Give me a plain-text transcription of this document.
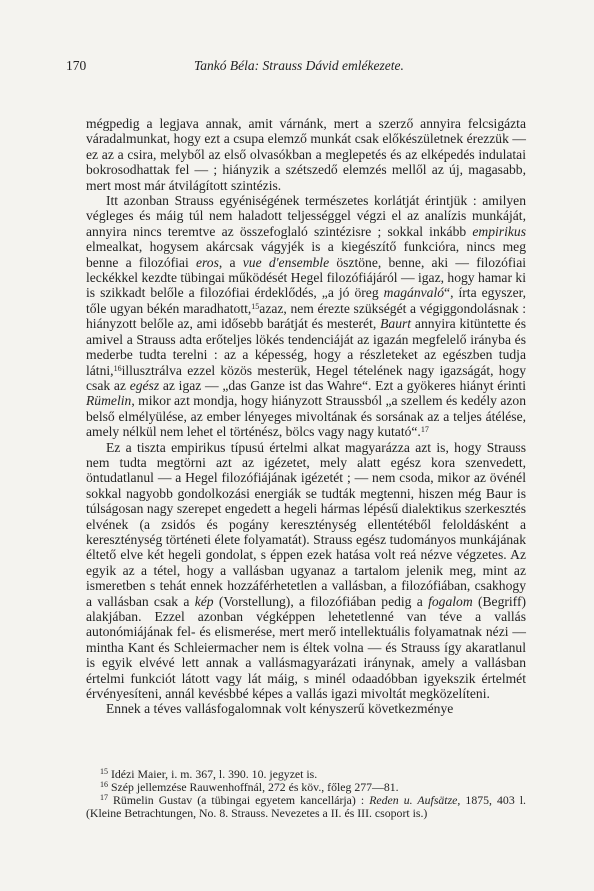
170	Tankó Béla: Strauss Dávid emlékezete.

mégpedig a legjava annak, amit várnánk, mert a szerző annyira felcsigázta váradalmunkat, hogy ezt a csupa elemző munkát csak előkészületnek érezzük — ez az a csira, melyből az első olvasókban a meglepetés és az elképedés indulatai bokrosodhattak fel — ; hiányzik a szétszedő elemzés mellől az új, magasabb, mert most már átvilágított szintézis.

Itt azonban Strauss egyéniségének természetes korlátját érintjük : amilyen végleges és máig túl nem haladott teljességgel végzi el az analízis munkáját, annyira nincs teremtve az összefoglaló szintézisre ; sokkal inkább empirikus elmealkat, hogysem akárcsak vágyjék is a kiegészítő funkcióra, nincs meg benne a filozófiai eros, a vue d'ensemble ösztöne, benne, aki — filozófiai leckékkel kezdte tübingai működését Hegel filozófiájáról — igaz, hogy hamar ki is szikkadt belőle a filozófiai érdeklődés, „a jó öreg magánvaló“, írta egyszer, tőle ugyan békén maradhatott,$^{15}$azaz, nem érezte szükségét a végiggondolásnak : hiányzott belőle az, ami idősebb barátját és mesterét, Baurt annyira kitüntette és amivel a Strauss adta erőteljes lökés tendenciáját az igazán megfelelő irányba és mederbe tudta terelni : az a képesség, hogy a részleteket az egészben tudja látni,$^{16}$illusztrálva ezzel közös mesterük, Hegel tételének nagy igazságát, hogy csak az egész az igaz — „das Ganze ist das Wahre“. Ezt a gyökeres hiányt érinti Rümelin, mikor azt mondja, hogy hiányzott Straussból „a szellem és kedély azon belső elmélyülése, az ember lényeges mivoltának és sorsának az a teljes átélése, amely nélkül nem lehet el történész, bölcs vagy nagy kutató“.$^{17}$

Ez a tiszta empirikus típusú értelmi alkat magyarázza azt is, hogy Strauss nem tudta megtörni azt az igézetet, mely alatt egész kora szenvedett, öntudatlanul — a Hegel filozófiájának igézetét ; — nem csoda, mikor az övénél sokkal nagyobb gondolkozási energiák se tudták megtenni, hiszen még Baur is túlságosan nagy szerepet engedett a hegeli hármas lépésű dialektikus szerkesztés elvének (a zsidós és pogány kereszténység ellentétéből feloldásként a kereszténység történeti élete folyamatát). Strauss egész tudományos munkájának éltető elve két hegeli gondolat, s éppen ezek hatása volt reá nézve végzetes. Az egyik az a tétel, hogy a vallásban ugyanaz a tartalom jelenik meg, mint az ismeretben s tehát ennek hozzáférhetetlen a vallásban, a filozófiában, csakhogy a vallásban csak a kép (Vorstellung), a filozófiában pedig a fogalom (Begriff) alakjában. Ezzel azonban végképpen lehetetlenné van téve a vallás autonómiájának fel- és elismerése, mert merő intellektuális folyamatnak nézi — mintha Kant és Schleiermacher nem is éltek volna — és Strauss így akaratlanul is egyik elvévé lett annak a vallásmagyarázati iránynak, amely a vallásban értelmi funkciót látott vagy lát máig, s minél odaadóbban igyekszik értelmét érvényesíteni, annál kevésbbé képes a vallás igazi mivoltát megközelíteni.

Ennek a téves vallásfogalomnak volt kényszerű következménye

$^{15}$ Idézi Maier, i. m. 367, l. 390. 10. jegyzet is.

$^{16}$ Szép jellemzése Rauwenhoffnál, 272 és köv., főleg 277—81.

$^{17}$ Rümelin Gustav (a tübingai egyetem kancellárja) : Reden u. Aufsätze, 1875, 403 l. (Kleine Betrachtungen, No. 8. Strauss. Nevezetes a II. és III. csoport is.)
